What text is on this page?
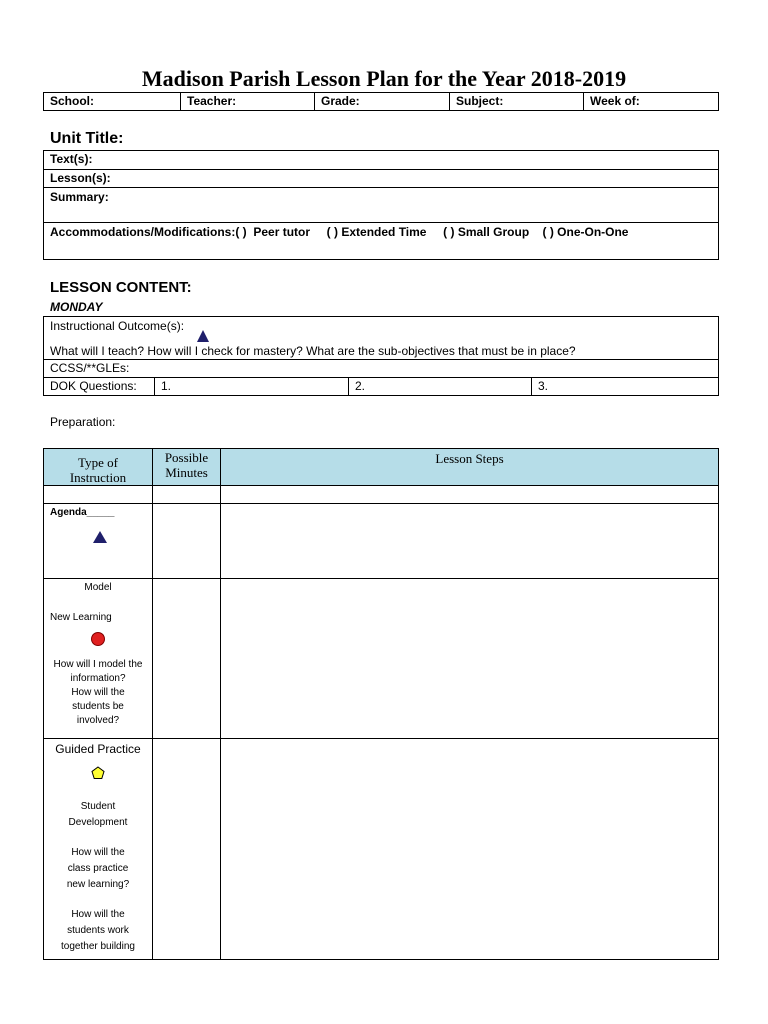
Madison Parish Lesson Plan for the Year 2018-2019
School:	Teacher:	Grade:	Subject:	Week of:
Unit Title:
Text(s):
Lesson(s):
Summary:
Accommodations/Modifications:( )  Peer tutor     ( ) Extended Time     ( ) Small Group    ( ) One-On-One
LESSON CONTENT:
MONDAY
Instructional Outcome(s):
What will I teach? How will I check for mastery? What are the sub-objectives that must be in place?

CCSS/**GLEs:
DOK Questions:	1.	2.	3.
Preparation:
Type of Instruction	Possible Minutes	Lesson Steps

Agenda_____		

Model
New Learning
How will I model the information?
How will the students be involved?		

Guided Practice
Student Development
How will the class practice new learning?
How will the students work together building		
